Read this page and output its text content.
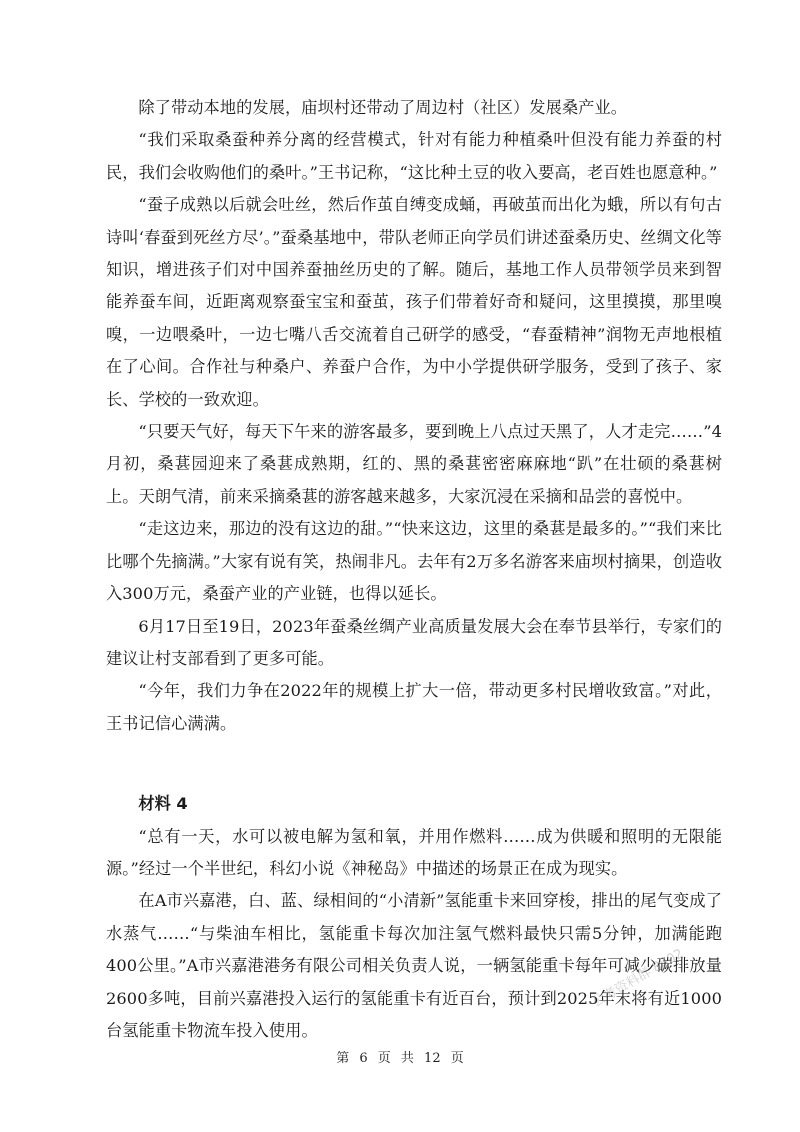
除了带动本地的发展，庙坝村还带动了周边村（社区）发展桑产业。

“我们采取桑蚕种养分离的经营模式，针对有能力种植桑叶但没有能力养蚕的村民，我们会收购他们的桑叶。”王书记称，“这比种土豆的收入要高，老百姓也愿意种。”

“蚕子成熟以后就会吐丝，然后作茧自缚变成蛹，再破茧而出化为蛾，所以有句古诗叫‘春蚕到死丝方尽’。”蚕桑基地中，带队老师正向学员们讲述蚕桑历史、丝绸文化等知识，增进孩子们对中国养蚕抽丝历史的了解。随后，基地工作人员带领学员来到智能养蚕车间，近距离观察蚕宝宝和蚕茧，孩子们带着好奇和疑问，这里摸摸，那里嗅嗅，一边喂桑叶，一边七嘴八舌交流着自己研学的感受，“春蚕精神”润物无声地根植在了心间。合作社与种桑户、养蚕户合作，为中小学提供研学服务，受到了孩子、家长、学校的一致欢迎。

“只要天气好，每天下午来的游客最多，要到晚上八点过天黑了，人才走完……”4月初，桑葚园迎来了桑葚成熟期，红的、黑的桑葚密密麻麻地“趴”在壮硕的桑葚树上。天朗气清，前来采摘桑葚的游客越来越多，大家沉浸在采摘和品尝的喜悦中。

“走这边来，那边的没有这边的甜。”“快来这边，这里的桑葚是最多的。”“我们来比比哪个先摘满。”大家有说有笑，热闹非凡。去年有2万多名游客来庙坝村摘果，创造收入300万元，桑蚕产业的产业链，也得以延长。

6月17日至19日，2023年蚕桑丝绸产业高质量发展大会在奉节县举行，专家们的建议让村支部看到了更多可能。

“今年，我们力争在2022年的规模上扩大一倍，带动更多村民增收致富。”对此，王书记信心满满。

材料 4

“总有一天，水可以被电解为氢和氧，并用作燃料……成为供暖和照明的无限能源。”经过一个半世纪，科幻小说《神秘岛》中描述的场景正在成为现实。

在A市兴嘉港，白、蓝、绿相间的“小清新”氢能重卡来回穿梭，排出的尾气变成了水蒸气……“与柴油车相比，氢能重卡每次加注氢气燃料最快只需5分钟，加满能跑400公里。”A市兴嘉港港务有限公司相关负责人说，一辆氢能重卡每年可减少碳排放量2600多吨，目前兴嘉港投入运行的氢能重卡有近百台，预计到2025年末将有近1000台氢能重卡物流车投入使用。

公考资料群 8802
第 6 页 共 12 页
